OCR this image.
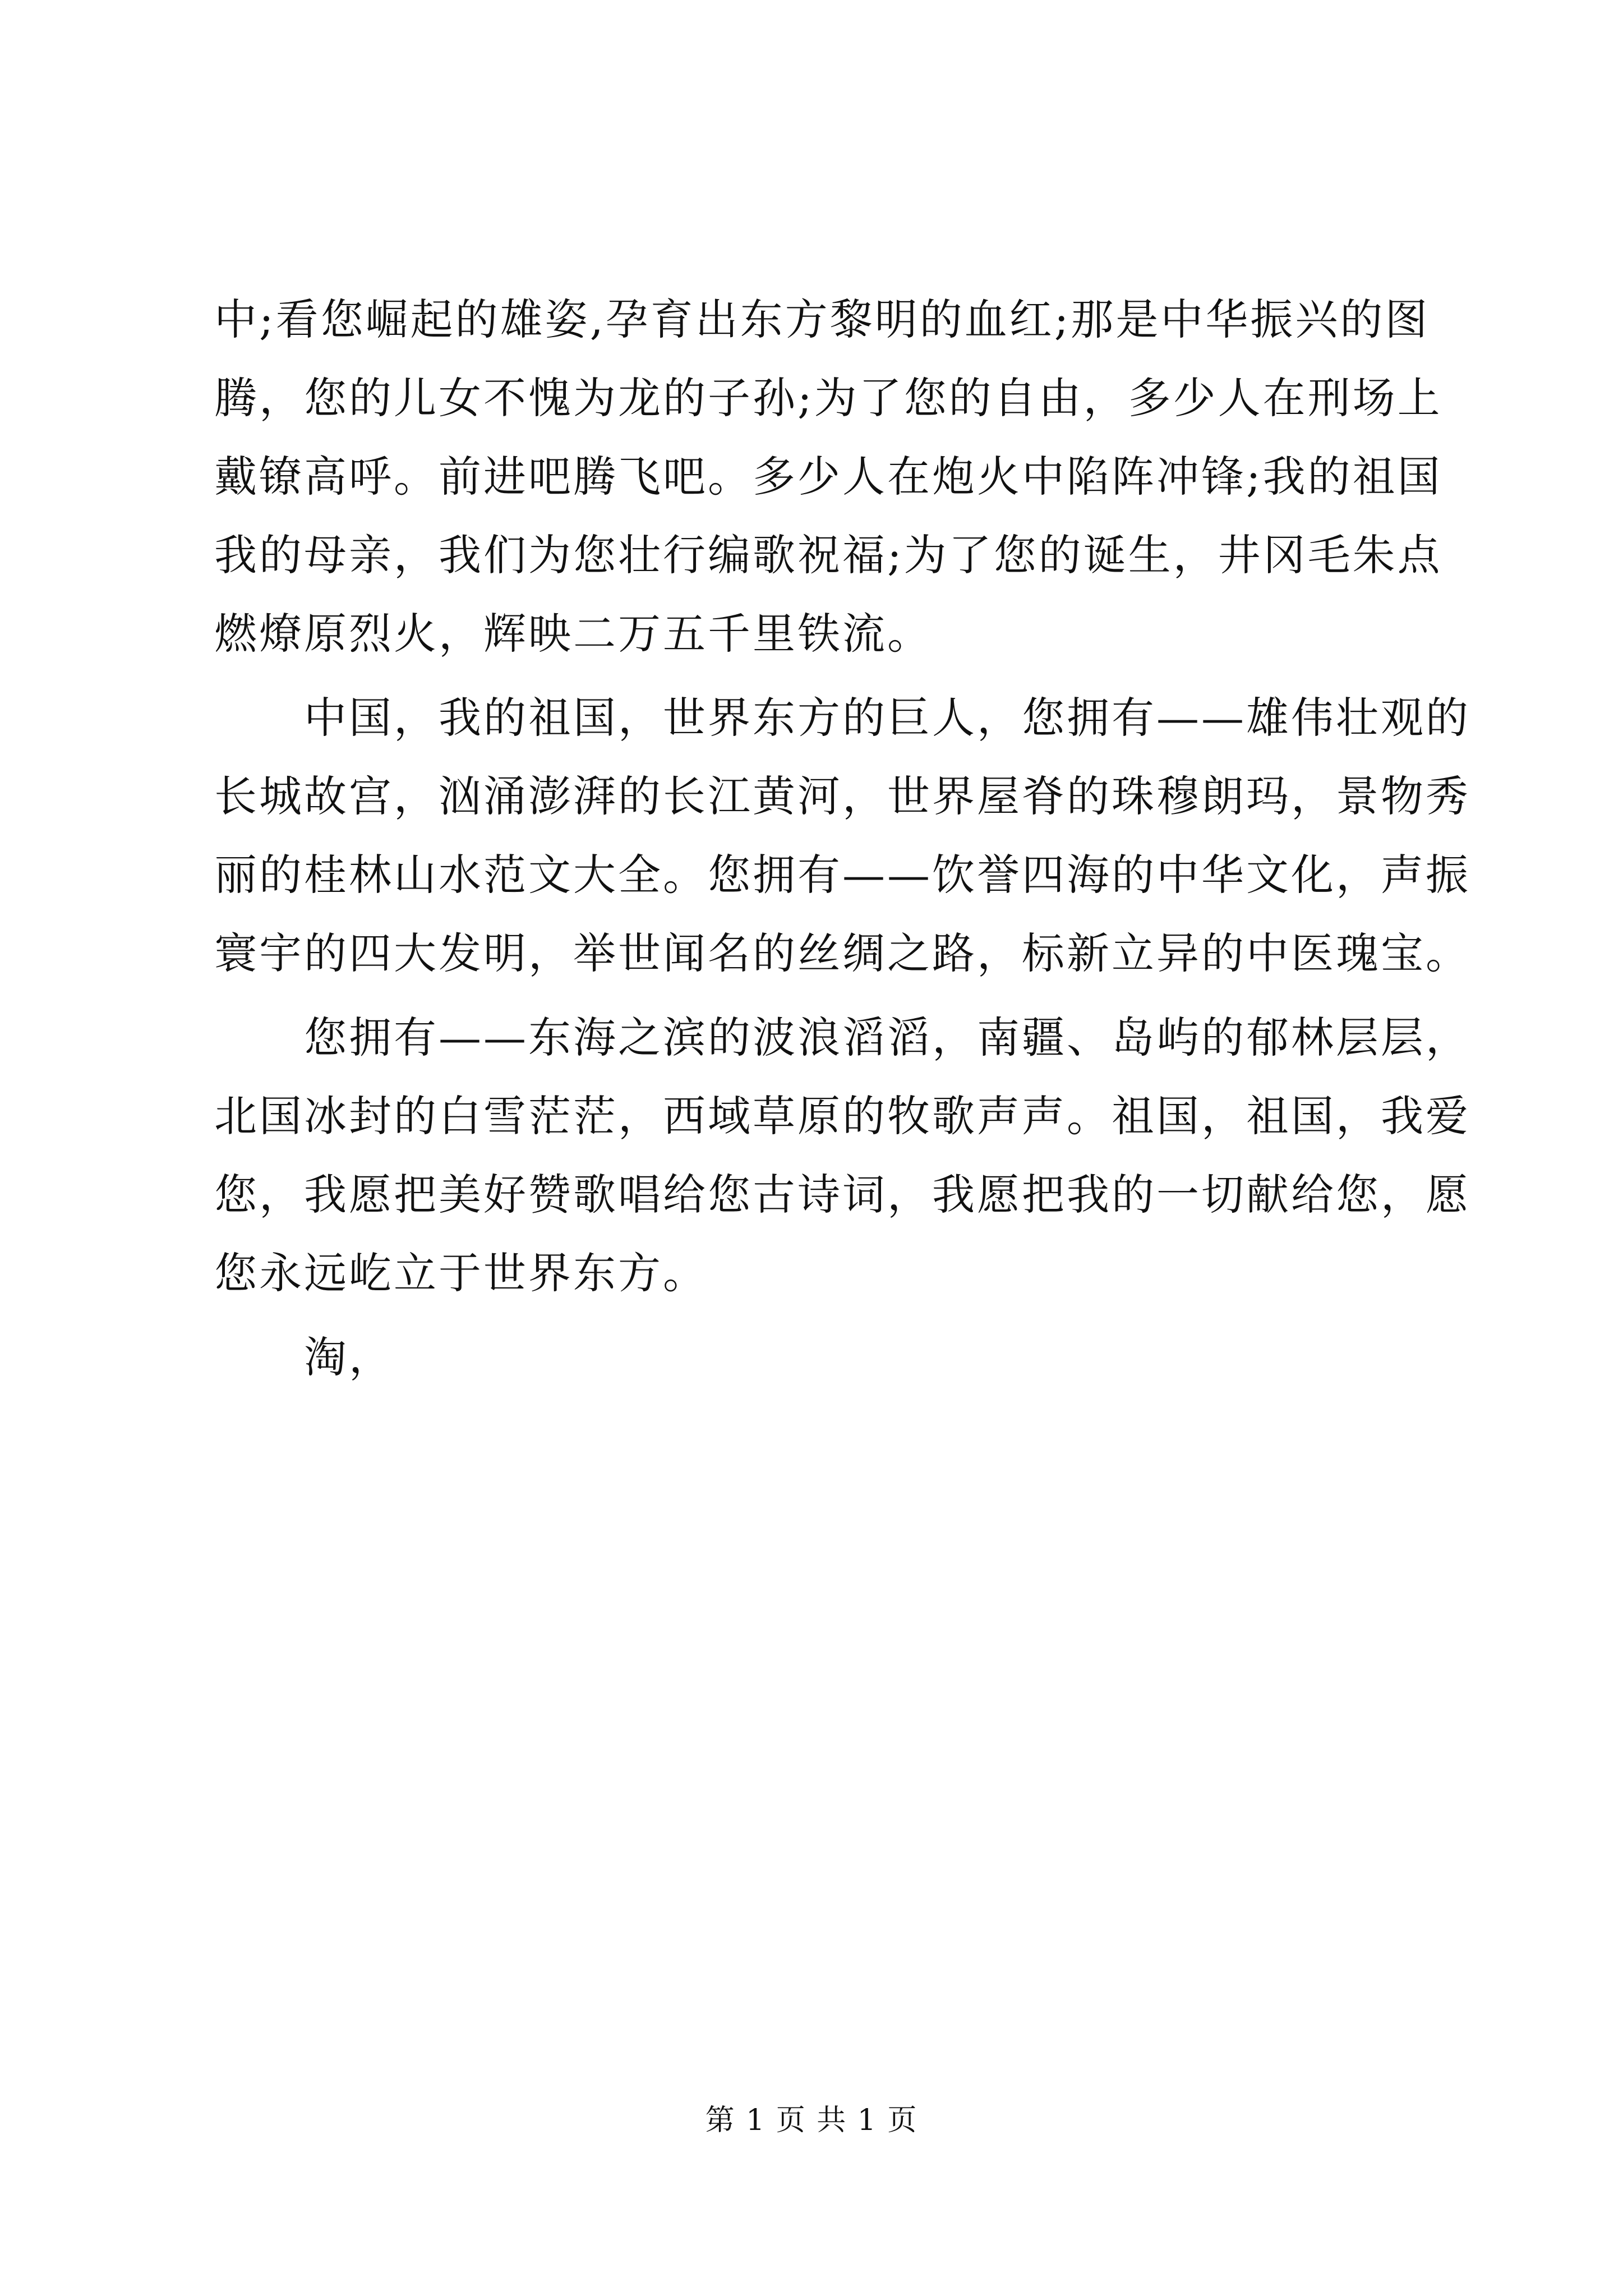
中;看您崛起的雄姿,孕育出东方黎明的血红;那是中华振兴的图
腾，您的儿女不愧为龙的子孙;为了您的自由，多少人在刑场上
戴镣高呼。前进吧腾飞吧。多少人在炮火中陷阵冲锋;我的祖国
我的母亲，我们为您壮行编歌祝福;为了您的诞生，井冈毛朱点
燃燎原烈火，辉映二万五千里铁流。
　　中国，我的祖国，世界东方的巨人，您拥有——雄伟壮观的
长城故宫，汹涌澎湃的长江黄河，世界屋脊的珠穆朗玛，景物秀
丽的桂林山水范文大全。您拥有——饮誉四海的中华文化，声振
寰宇的四大发明，举世闻名的丝绸之路，标新立异的中医瑰宝。
　　您拥有——东海之滨的波浪滔滔，南疆、岛屿的郁林层层，
北国冰封的白雪茫茫，西域草原的牧歌声声。祖国，祖国，我爱
您，我愿把美好赞歌唱给您古诗词，我愿把我的一切献给您，愿
您永远屹立于世界东方。
　　淘，
第 1 页 共 1 页
